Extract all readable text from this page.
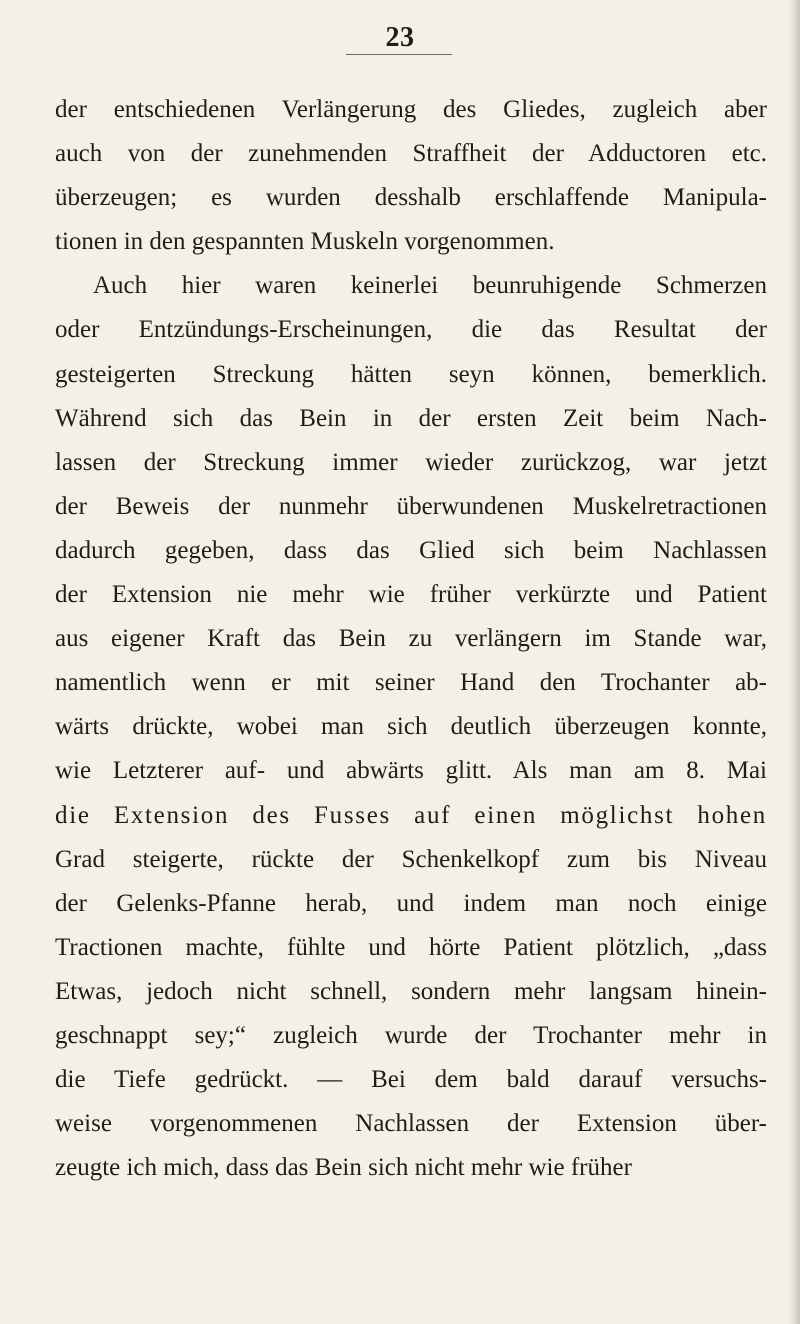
23

der entschiedenen Verlängerung des Gliedes, zugleich aber
auch von der zunehmenden Straffheit der Adductoren etc.
überzeugen; es wurden desshalb erschlaffende Manipula-
tionen in den gespannten Muskeln vorgenommen.
Auch hier waren keinerlei beunruhigende Schmerzen
oder Entzündungs-Erscheinungen, die das Resultat der
gesteigerten Streckung hätten seyn können, bemerklich.
Während sich das Bein in der ersten Zeit beim Nach-
lassen der Streckung immer wieder zurückzog, war jetzt
der Beweis der nunmehr überwundenen Muskelretractionen
dadurch gegeben, dass das Glied sich beim Nachlassen
der Extension nie mehr wie früher verkürzte und Patient
aus eigener Kraft das Bein zu verlängern im Stande war,
namentlich wenn er mit seiner Hand den Trochanter ab-
wärts drückte, wobei man sich deutlich überzeugen konnte,
wie Letzterer auf- und abwärts glitt. Als man am 8. Mai
die Extension des Fusses auf einen möglichst hohen
Grad steigerte, rückte der Schenkelkopf zum bis Niveau
der Gelenks-Pfanne herab, und indem man noch einige
Tractionen machte, fühlte und hörte Patient plötzlich, „dass
Etwas, jedoch nicht schnell, sondern mehr langsam hinein-
geschnappt sey;“ zugleich wurde der Trochanter mehr in
die Tiefe gedrückt. — Bei dem bald darauf versuchs-
weise vorgenommenen Nachlassen der Extension über-
zeugte ich mich, dass das Bein sich nicht mehr wie früher
